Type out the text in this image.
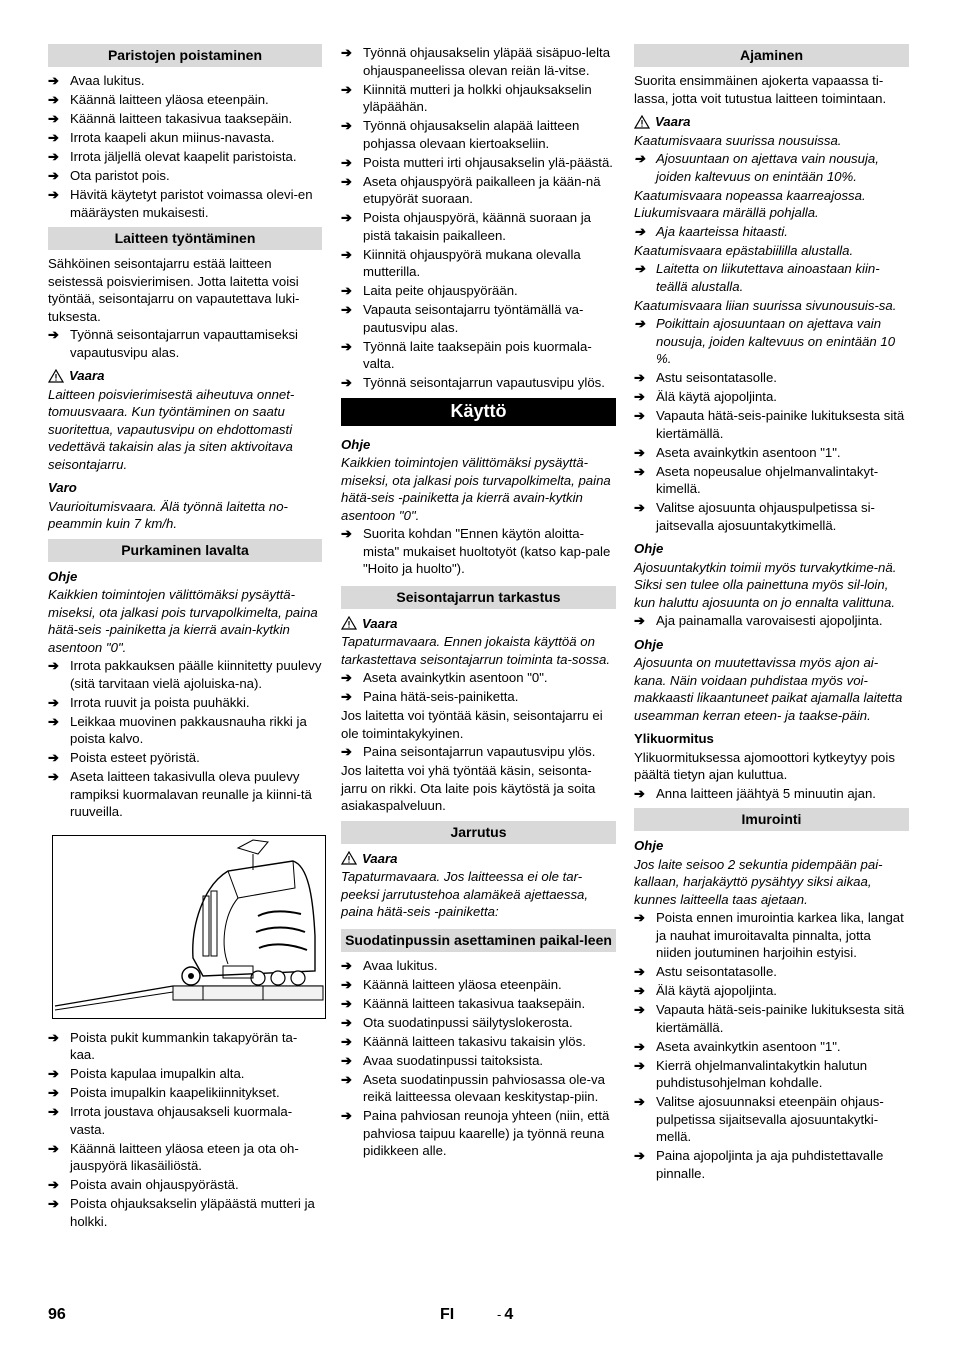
Paristojen poistaminen
➔ Avaa lukitus.
➔ Käännä laitteen yläosa eteenpäin.
➔ Käännä laitteen takasivua taaksepäin.
➔ Irrota kaapeli akun miinus-navasta.
➔ Irrota jäljellä olevat kaapelit paristoista.
➔ Ota paristot pois.
➔ Hävitä käytetyt paristot voimassa olevi-en määräysten mukaisesti.
Laitteen työntäminen
Sähköinen seisontajarru estää laitteen seistessä poisvierimisen. Jotta laitetta voisi työntää, seisontajarru on vapautettava luki-tuksesta.
➔ Työnnä seisontajarrun vapauttamiseksi vapautusvipu alas.
Vaara
Laitteen poisvierimisestä aiheutuva onnet-tomuusvaara. Kun työntäminen on saatu suoritettua, vapautusvipu on ehdottomasti vedettävä takaisin alas ja siten aktivoitava seisontajarru.
Varo
Vaurioitumisvaara. Älä työnnä laitetta no-peammin kuin 7 km/h.
Purkaminen lavalta
Ohje
Kaikkien toimintojen välittömäksi pysäyttä-miseksi, ota jalkasi pois turvapolkimelta, paina hätä-seis -painiketta ja kierrä avain-kytkin asentoon "0".
➔ Irrota pakkauksen päälle kiinnitetty puulevy (sitä tarvitaan vielä ajoluiska-na).
➔ Irrota ruuvit ja poista puuhäkki.
➔ Leikkaa muovinen pakkausnauha rikki ja poista kalvo.
➔ Poista esteet pyöristä.
➔ Aseta laitteen takasivulla oleva puulevy rampiksi kuormalavan reunalle ja kiinni-tä ruuveilla.
➔ Poista pukit kummankin takapyörän ta-kaa.
➔ Poista kapulaa imupalkin alta.
➔ Poista imupalkin kaapelikiinnitykset.
➔ Irrota joustava ohjausakseli kuormala-vasta.
➔ Käännä laitteen yläosa eteen ja ota oh-jauspyörä likasäiliöstä.
➔ Poista avain ohjauspyörästä.
➔ Poista ohjauksakselin yläpäästä mutteri ja holkki.
➔ Työnnä ohjausakselin yläpää sisäpuo-lelta ohjauspaneelissa olevan reiän lä-vitse.
➔ Kiinnitä mutteri ja holkki ohjauksakselin yläpäähän.
➔ Työnnä ohjausakselin alapää laitteen pohjassa olevaan kiertoakseliin.
➔ Poista mutteri irti ohjausakselin ylä-päästä.
➔ Aseta ohjauspyörä paikalleen ja kään-nä etupyörät suoraan.
➔ Poista ohjauspyörä, käännä suoraan ja pistä takaisin paikalleen.
➔ Kiinnitä ohjauspyörä mukana olevalla mutterilla.
➔ Laita peite ohjauspyörään.
➔ Vapauta seisontajarru työntämällä va-pautusvipu alas.
➔ Työnnä laite taaksepäin pois kuormala-valta.
➔ Työnnä seisontajarrun vapautusvipu ylös.
Käyttö
Ohje
Kaikkien toimintojen välittömäksi pysäyttä-miseksi, ota jalkasi pois turvapolkimelta, paina hätä-seis -painiketta ja kierrä avain-kytkin asentoon "0".
➔ Suorita kohdan "Ennen käytön aloitta-mista" mukaiset huoltotyöt (katso kap-pale "Hoito ja huolto").
Seisontajarrun tarkastus
Vaara
Tapaturmavaara. Ennen jokaista käyttöä on tarkastettava seisontajarrun toiminta ta-sossa.
➔ Aseta avainkytkin asentoon "0".
➔ Paina hätä-seis-painiketta.
Jos laitetta voi työntää käsin, seisontajarru ei ole toimintakykyinen.
➔ Paina seisontajarrun vapautusvipu ylös.
Jos laitetta voi yhä työntää käsin, seisonta-jarru on rikki. Ota laite pois käytöstä ja soita asiakaspalveluun.
Jarrutus
Vaara
Tapaturmavaara. Jos laitteessa ei ole tar-peeksi jarrutustehoa alamäkeä ajettaessa, paina hätä-seis -painiketta:
Suodatinpussin asettaminen paikal-leen
➔ Avaa lukitus.
➔ Käännä laitteen yläosa eteenpäin.
➔ Käännä laitteen takasivua taaksepäin.
➔ Ota suodatinpussi säilytyslokerosta.
➔ Käännä laitteen takasivu takaisin ylös.
➔ Avaa suodatinpussi taitoksista.
➔ Aseta suodatinpussin pahviosassa ole-va reikä laitteessa olevaan keskitystap-piin.
➔ Paina pahviosan reunoja yhteen (niin, että pahviosa taipuu kaarelle) ja työnnä reuna pidikkeen alle.
Ajaminen
Suorita ensimmäinen ajokerta vapaassa ti-lassa, jotta voit tutustua laitteen toimintaan.
Vaara
Kaatumisvaara suurissa nousuissa.
➔ Ajosuuntaan on ajettava vain nousuja, joiden kaltevuus on enintään 10%.
Kaatumisvaara nopeassa kaarreajossa. Liukumisvaara märällä pohjalla.
➔ Aja kaarteissa hitaasti.
Kaatumisvaara epästabiililla alustalla.
➔ Laitetta on liikutettava ainoastaan kiin-teällä alustalla.
Kaatumisvaara liian suurissa sivunousuis-sa.
➔ Poikittain ajosuuntaan on ajettava vain nousuja, joiden kaltevuus on enintään 10 %.
➔ Astu seisontatasolle.
➔ Älä käytä ajopoljinta.
➔ Vapauta hätä-seis-painike lukituksesta sitä kiertämällä.
➔ Aseta avainkytkin asentoon "1".
➔ Aseta nopeusalue ohjelmanvalintakyt-kimellä.
➔ Valitse ajosuunta ohjauspulpetissa si-jaitsevalla ajosuuntakytkimellä.
Ohje
Ajosuuntakytkin toimii myös turvakytkime-nä. Siksi sen tulee olla painettuna myös sil-loin, kun haluttu ajosuunta on jo ennalta valittuna.
➔ Aja painamalla varovaisesti ajopoljinta.
Ohje
Ajosuunta on muutettavissa myös ajon ai-kana. Näin voidaan puhdistaa myös voi-makkaasti likaantuneet paikat ajamalla laitetta useamman kerran eteen- ja taakse-päin.
Ylikuormitus
Ylikuormituksessa ajomoottori kytkeytyy pois päältä tietyn ajan kuluttua.
➔ Anna laitteen jäähtyä 5 minuutin ajan.
Imurointi
Ohje
Jos laite seisoo 2 sekuntia pidempään pai-kallaan, harjakäyttö pysähtyy siksi aikaa, kunnes laitteella taas ajetaan.
➔ Poista ennen imurointia karkea lika, langat ja nauhat imuroitavalta pinnalta, jotta niiden joutuminen harjoihin estyisi.
➔ Astu seisontatasolle.
➔ Älä käytä ajopoljinta.
➔ Vapauta hätä-seis-painike lukituksesta sitä kiertämällä.
➔ Aseta avainkytkin asentoon "1".
➔ Kierrä ohjelmanvalintakytkin halutun puhdistusohjelman kohdalle.
➔ Valitse ajosuunnaksi eteenpäin ohjaus-pulpetissa sijaitsevalla ajosuuntakytki-mellä.
➔ Paina ajopoljinta ja aja puhdistettavalle pinnalle.
96	FI	- 4
